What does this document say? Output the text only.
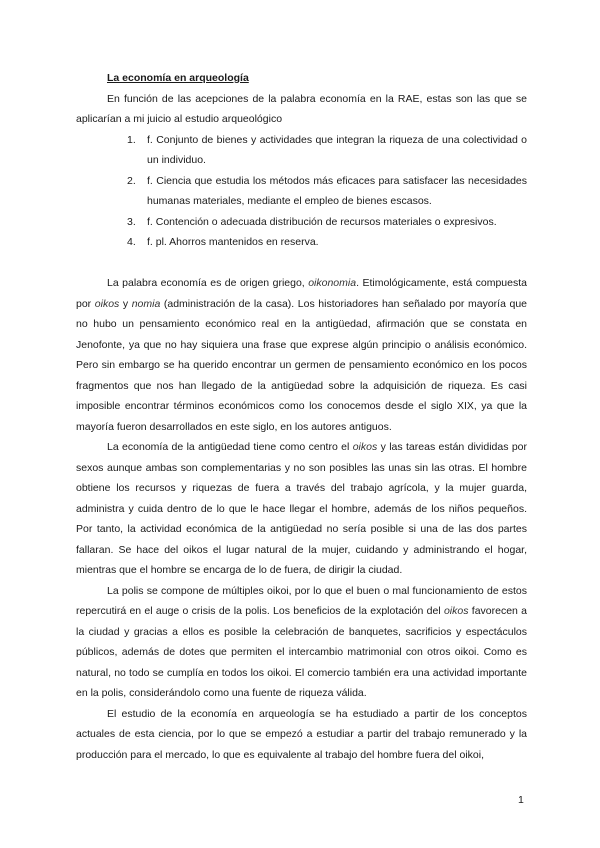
La economía en arqueología

En función de las acepciones de la palabra economía en la RAE, estas son las que se aplicarían a mi juicio al estudio arqueológico

1. f. Conjunto de bienes y actividades que integran la riqueza de una colectividad o un individuo.
2. f. Ciencia que estudia los métodos más eficaces para satisfacer las necesidades humanas materiales, mediante el empleo de bienes escasos.
3. f. Contención o adecuada distribución de recursos materiales o expresivos.
4. f. pl. Ahorros mantenidos en reserva.

La palabra economía es de origen griego, oikonomia. Etimológicamente, está compuesta por oikos y nomia (administración de la casa). Los historiadores han señalado por mayoría que no hubo un pensamiento económico real en la antigüedad, afirmación que se constata en Jenofonte, ya que no hay siquiera una frase que exprese algún principio o análisis económico. Pero sin embargo se ha querido encontrar un germen de pensamiento económico en los pocos fragmentos que nos han llegado de la antigüedad sobre la adquisición de riqueza. Es casi imposible encontrar términos económicos como los conocemos desde el siglo XIX, ya que la mayoría fueron desarrollados en este siglo, en los autores antiguos.

La economía de la antigüedad tiene como centro el oikos y las tareas están divididas por sexos aunque ambas son complementarias y no son posibles las unas sin las otras. El hombre obtiene los recursos y riquezas de fuera a través del trabajo agrícola, y la mujer guarda, administra y cuida dentro de lo que le hace llegar el hombre, además de los niños pequeños. Por tanto, la actividad económica de la antigüedad no sería posible si una de las dos partes fallaran. Se hace del oikos el lugar natural de la mujer, cuidando y administrando el hogar, mientras que el hombre se encarga de lo de fuera, de dirigir la ciudad.

La polis se compone de múltiples oikoi, por lo que el buen o mal funcionamiento de estos repercutirá en el auge o crisis de la polis. Los beneficios de la explotación del oikos favorecen a la ciudad y gracias a ellos es posible la celebración de banquetes, sacrificios y espectáculos públicos, además de dotes que permiten el intercambio matrimonial con otros oikoi. Como es natural, no todo se cumplía en todos los oikoi. El comercio también era una actividad importante en la polis, considerándolo como una fuente de riqueza válida.

El estudio de la economía en arqueología se ha estudiado a partir de los conceptos actuales de esta ciencia, por lo que se empezó a estudiar a partir del trabajo remunerado y la producción para el mercado, lo que es equivalente al trabajo del hombre fuera del oikoi,

1
